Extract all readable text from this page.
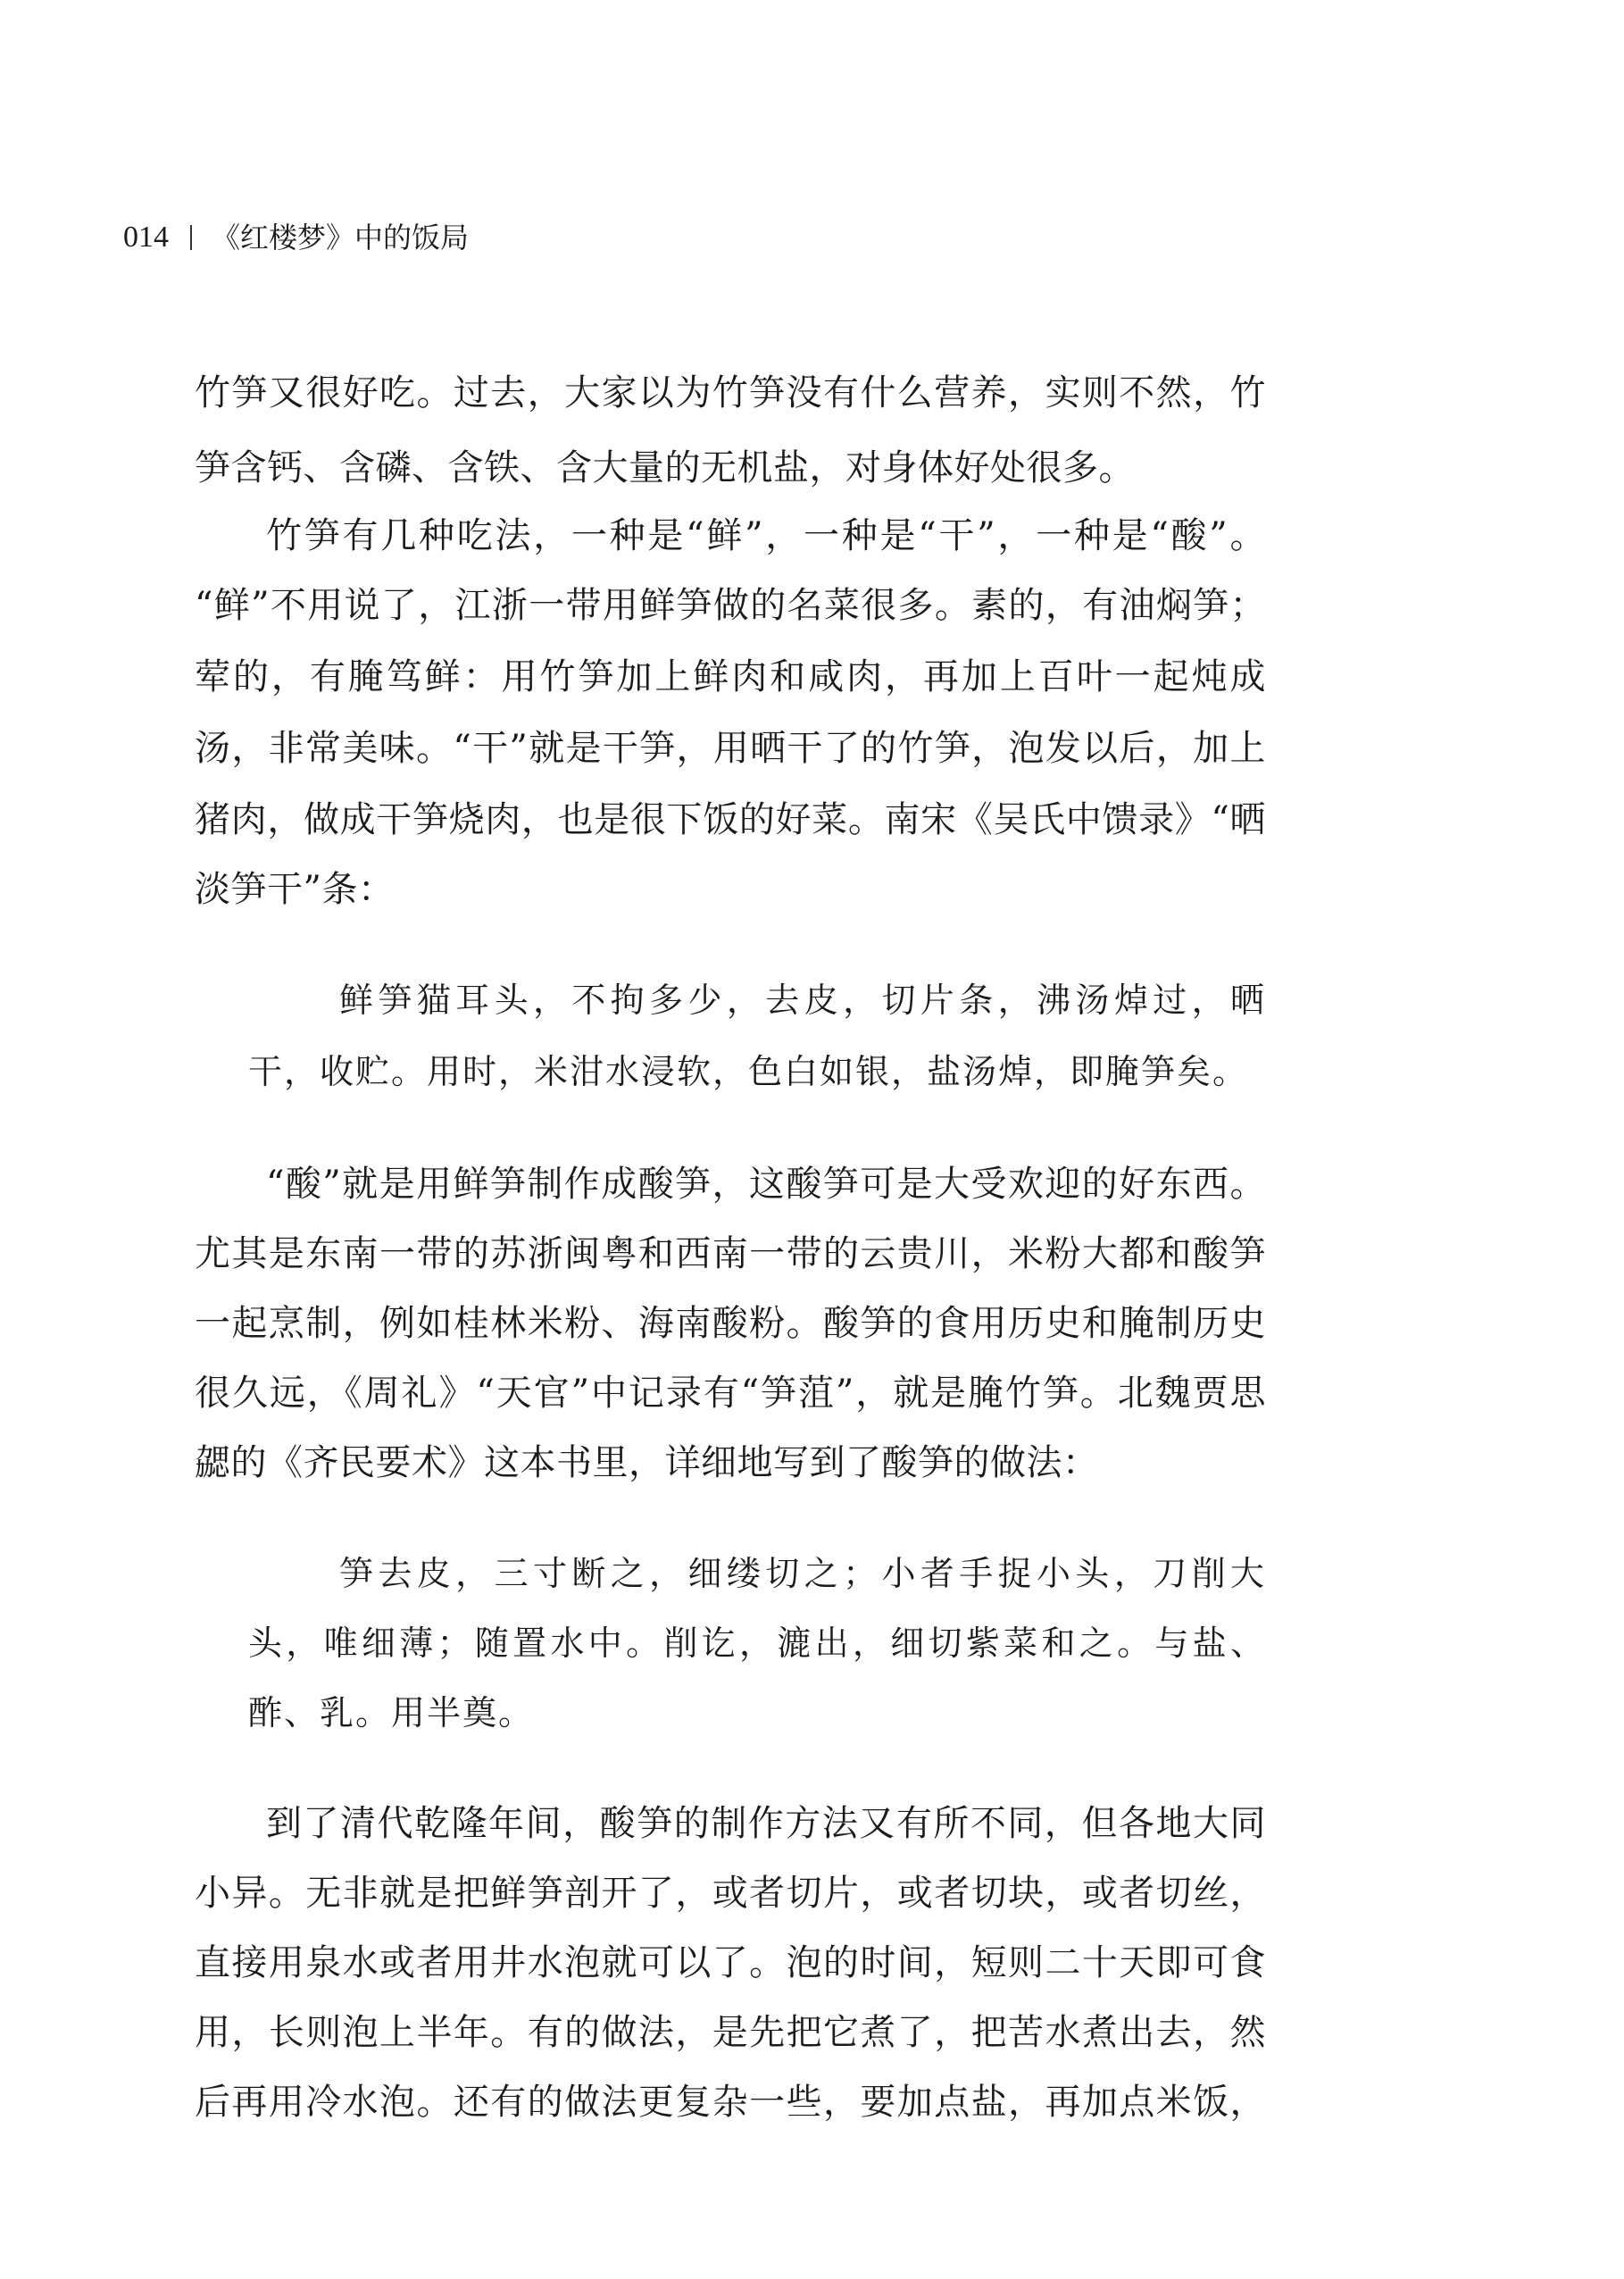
014 《红楼梦》中的饭局
竹笋又很好吃。过去，大家以为竹笋没有什么营养，实则不然，竹
笋含钙、含磷、含铁、含大量的无机盐，对身体好处很多。
竹笋有几种吃法，一种是“鲜”，一种是“干”，一种是“酸”。
“鲜”不用说了，江浙一带用鲜笋做的名菜很多。素的，有油焖笋；
荤的，有腌笃鲜：用竹笋加上鲜肉和咸肉，再加上百叶一起炖成
汤，非常美味。“干”就是干笋，用晒干了的竹笋，泡发以后，加上
猪肉，做成干笋烧肉，也是很下饭的好菜。南宋《吴氏中馈录》“晒
淡笋干”条：
鲜笋猫耳头，不拘多少，去皮，切片条，沸汤焯过，晒
干，收贮。用时，米泔水浸软，色白如银，盐汤焯，即腌笋矣。
“酸”就是用鲜笋制作成酸笋，这酸笋可是大受欢迎的好东西。
尤其是东南一带的苏浙闽粤和西南一带的云贵川，米粉大都和酸笋
一起烹制，例如桂林米粉、海南酸粉。酸笋的食用历史和腌制历史
很久远，《周礼》“天官”中记录有“笋菹”，就是腌竹笋。北魏贾思
勰的《齐民要术》这本书里，详细地写到了酸笋的做法：
笋去皮，三寸断之，细缕切之；小者手捉小头，刀削大
头，唯细薄；随置水中。削讫，漉出，细切紫菜和之。与盐、
酢、乳。用半奠。
到了清代乾隆年间，酸笋的制作方法又有所不同，但各地大同
小异。无非就是把鲜笋剖开了，或者切片，或者切块，或者切丝，
直接用泉水或者用井水泡就可以了。泡的时间，短则二十天即可食
用，长则泡上半年。有的做法，是先把它煮了，把苦水煮出去，然
后再用冷水泡。还有的做法更复杂一些，要加点盐，再加点米饭，
